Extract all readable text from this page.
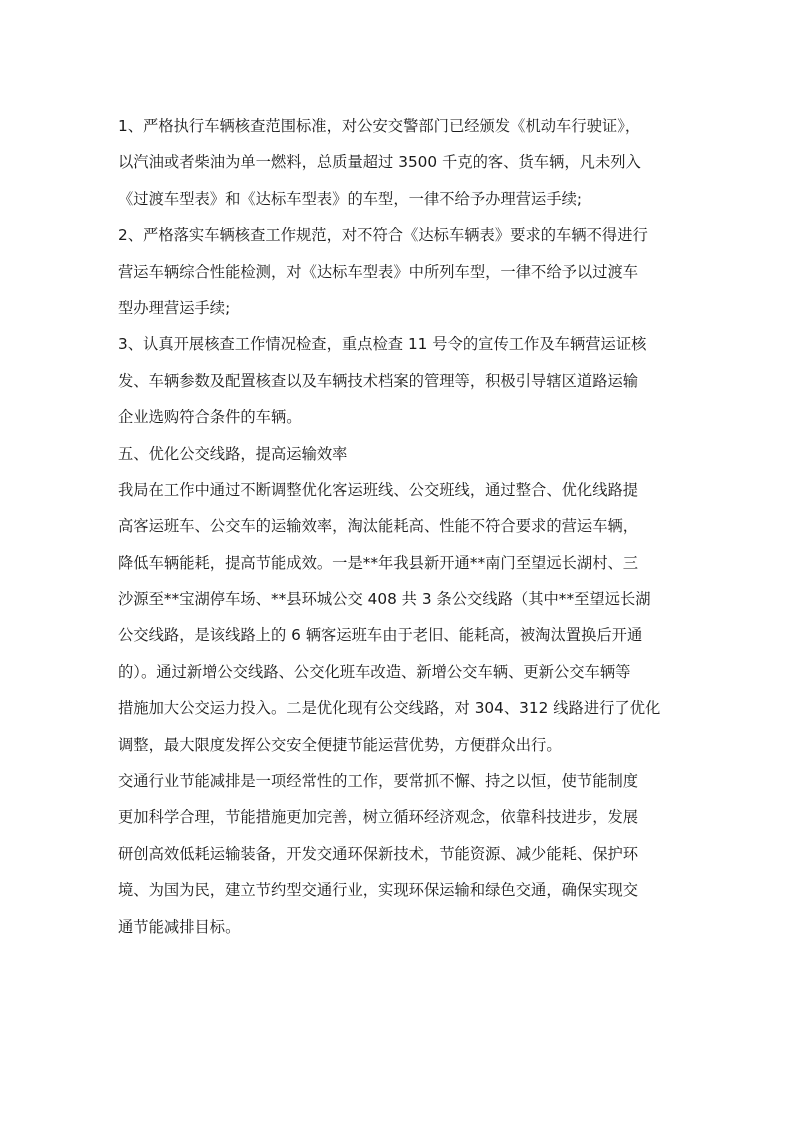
1、严格执行车辆核查范围标准，对公安交警部门已经颁发《机动车行驶证》，
以汽油或者柴油为单一燃料，总质量超过 3500 千克的客、货车辆，凡未列入
《过渡车型表》和《达标车型表》的车型，一律不给予办理营运手续;
2、严格落实车辆核查工作规范，对不符合《达标车辆表》要求的车辆不得进行
营运车辆综合性能检测，对《达标车型表》中所列车型，一律不给予以过渡车
型办理营运手续;
3、认真开展核查工作情况检查，重点检查 11 号令的宣传工作及车辆营运证核
发、车辆参数及配置核查以及车辆技术档案的管理等，积极引导辖区道路运输
企业选购符合条件的车辆。
五、优化公交线路，提高运输效率
我局在工作中通过不断调整优化客运班线、公交班线，通过整合、优化线路提
高客运班车、公交车的运输效率，淘汰能耗高、性能不符合要求的营运车辆，
降低车辆能耗，提高节能成效。一是**年我县新开通**南门至望远长湖村、三
沙源至**宝湖停车场、**县环城公交 408 共 3 条公交线路（其中**至望远长湖
公交线路，是该线路上的 6 辆客运班车由于老旧、能耗高，被淘汰置换后开通
的）。通过新增公交线路、公交化班车改造、新增公交车辆、更新公交车辆等
措施加大公交运力投入。二是优化现有公交线路，对 304、312 线路进行了优化
调整，最大限度发挥公交安全便捷节能运营优势，方便群众出行。
交通行业节能减排是一项经常性的工作，要常抓不懈、持之以恒，使节能制度
更加科学合理，节能措施更加完善，树立循环经济观念，依靠科技进步，发展
研创高效低耗运输装备，开发交通环保新技术，节能资源、减少能耗、保护环
境、为国为民，建立节约型交通行业，实现环保运输和绿色交通，确保实现交
通节能减排目标。
